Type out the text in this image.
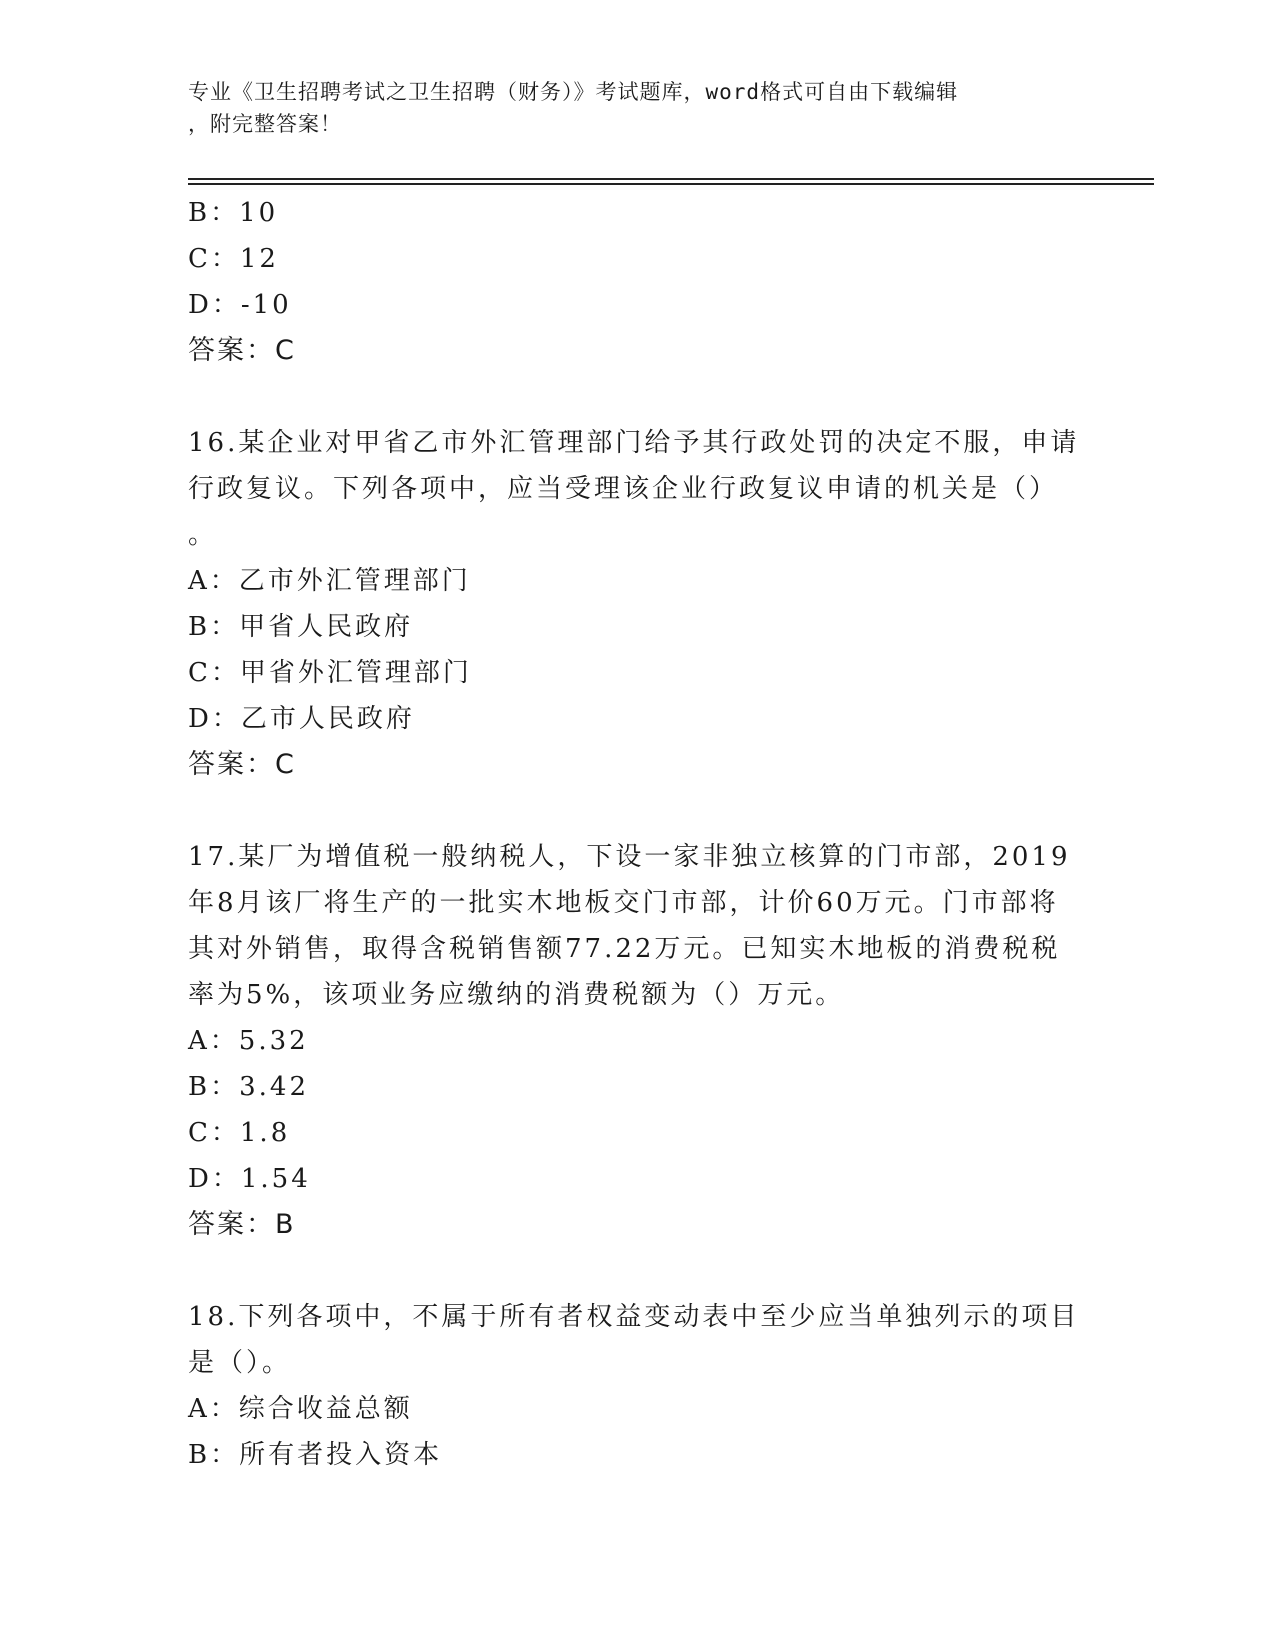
专业《卫生招聘考试之卫生招聘（财务）》考试题库，word格式可自由下载编辑
，附完整答案！
B：10
C：12
D：-10
答案：C
16.某企业对甲省乙市外汇管理部门给予其行政处罚的决定不服，申请
行政复议。下列各项中，应当受理该企业行政复议申请的机关是（）
。
A：乙市外汇管理部门
B：甲省人民政府
C：甲省外汇管理部门
D：乙市人民政府
答案：C
17.某厂为增值税一般纳税人，下设一家非独立核算的门市部，2019
年8月该厂将生产的一批实木地板交门市部，计价60万元。门市部将
其对外销售，取得含税销售额77.22万元。已知实木地板的消费税税
率为5%，该项业务应缴纳的消费税额为（）万元。
A：5.32
B：3.42
C：1.8
D：1.54
答案：B
18.下列各项中，不属于所有者权益变动表中至少应当单独列示的项目
是（）。
A：综合收益总额
B：所有者投入资本
